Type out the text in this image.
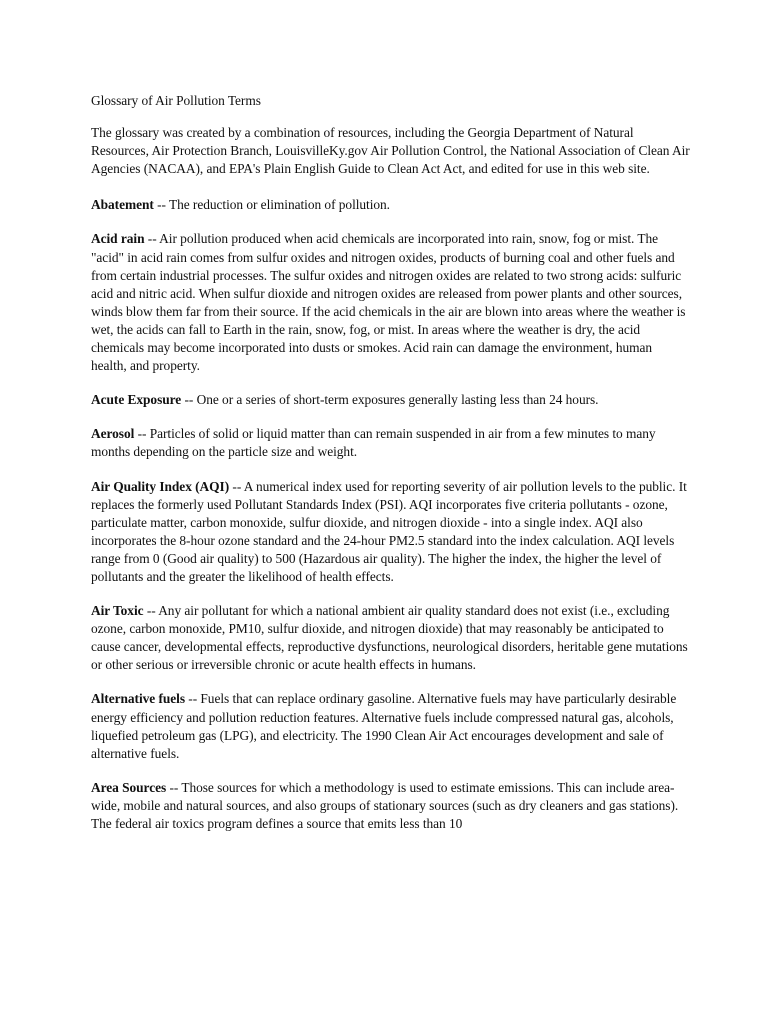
Glossary of Air Pollution Terms

The glossary was created by a combination of resources, including the Georgia Department of Natural Resources, Air Protection Branch, LouisvilleKy.gov Air Pollution Control, the National Association of Clean Air Agencies (NACAA), and EPA's Plain English Guide to Clean Act Act, and edited for use in this web site.

Abatement -- The reduction or elimination of pollution.

Acid rain -- Air pollution produced when acid chemicals are incorporated into rain, snow, fog or mist. The "acid" in acid rain comes from sulfur oxides and nitrogen oxides, products of burning coal and other fuels and from certain industrial processes. The sulfur oxides and nitrogen oxides are related to two strong acids: sulfuric acid and nitric acid. When sulfur dioxide and nitrogen oxides are released from power plants and other sources, winds blow them far from their source. If the acid chemicals in the air are blown into areas where the weather is wet, the acids can fall to Earth in the rain, snow, fog, or mist. In areas where the weather is dry, the acid chemicals may become incorporated into dusts or smokes. Acid rain can damage the environment, human health, and property.

Acute Exposure -- One or a series of short-term exposures generally lasting less than 24 hours.

Aerosol -- Particles of solid or liquid matter than can remain suspended in air from a few minutes to many months depending on the particle size and weight.

Air Quality Index (AQI) -- A numerical index used for reporting severity of air pollution levels to the public. It replaces the formerly used Pollutant Standards Index (PSI). AQI incorporates five criteria pollutants - ozone, particulate matter, carbon monoxide, sulfur dioxide, and nitrogen dioxide - into a single index. AQI also incorporates the 8-hour ozone standard and the 24-hour PM2.5 standard into the index calculation. AQI levels range from 0 (Good air quality) to 500 (Hazardous air quality). The higher the index, the higher the level of pollutants and the greater the likelihood of health effects.

Air Toxic -- Any air pollutant for which a national ambient air quality standard does not exist (i.e., excluding ozone, carbon monoxide, PM10, sulfur dioxide, and nitrogen dioxide) that may reasonably be anticipated to cause cancer, developmental effects, reproductive dysfunctions, neurological disorders, heritable gene mutations or other serious or irreversible chronic or acute health effects in humans.

Alternative fuels -- Fuels that can replace ordinary gasoline. Alternative fuels may have particularly desirable energy efficiency and pollution reduction features. Alternative fuels include compressed natural gas, alcohols, liquefied petroleum gas (LPG), and electricity. The 1990 Clean Air Act encourages development and sale of alternative fuels.

Area Sources -- Those sources for which a methodology is used to estimate emissions. This can include area-wide, mobile and natural sources, and also groups of stationary sources (such as dry cleaners and gas stations). The federal air toxics program defines a source that emits less than 10
